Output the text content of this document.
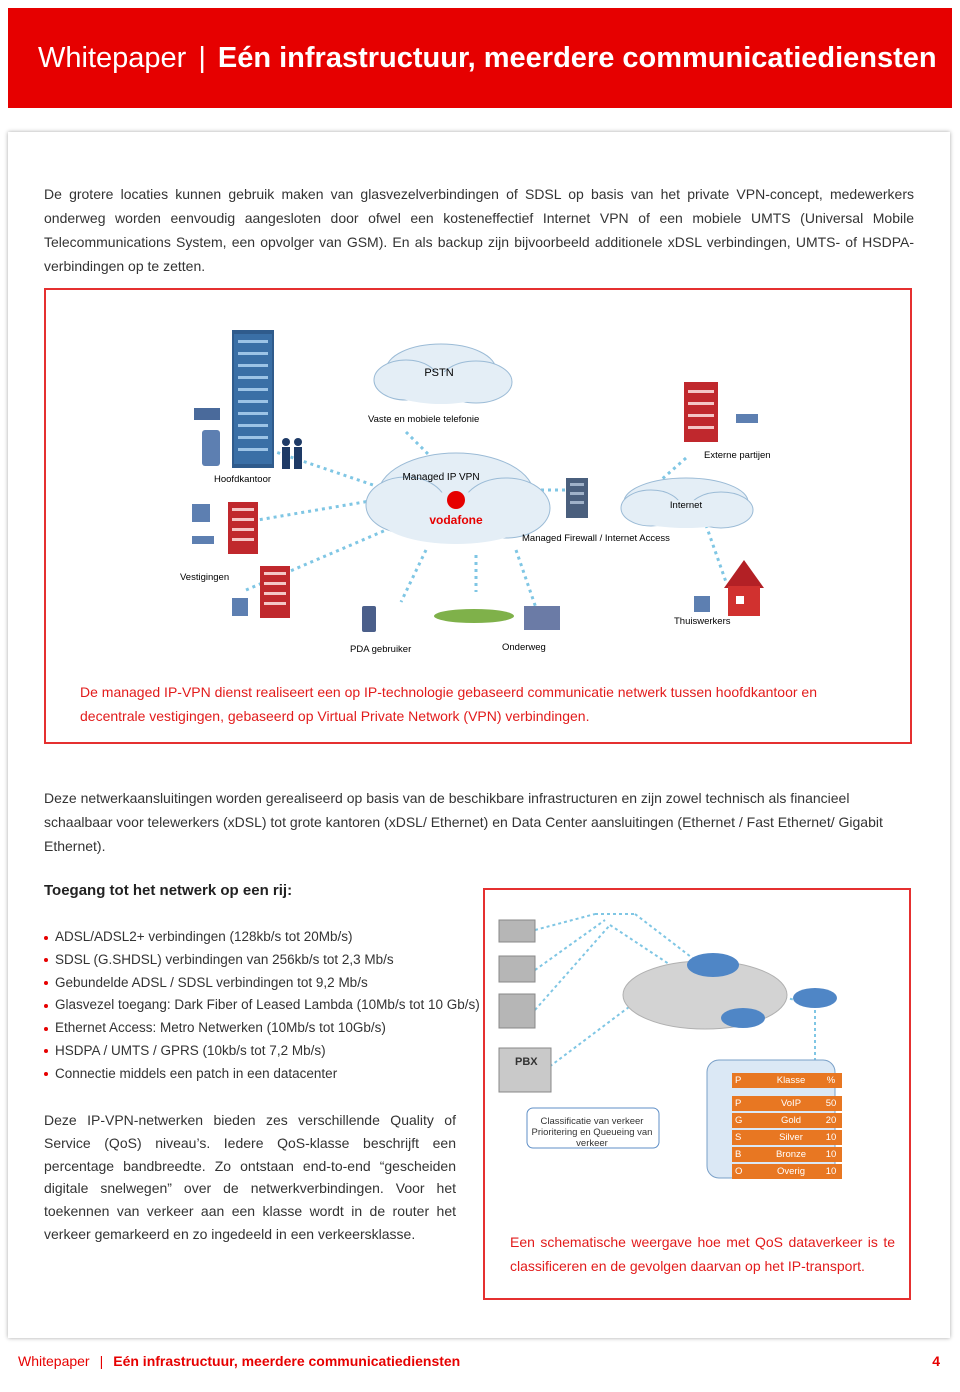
Whitepaper | Eén infrastructuur, meerdere communicatiediensten

De grotere locaties kunnen gebruik maken van glasvezelverbindingen of SDSL op basis van het private VPN-concept, medewerkers onderweg worden eenvoudig aangesloten door ofwel een kosteneffectief Internet VPN of een mobiele UMTS (Universal Mobile Telecommunications System, een opvolger van GSM). En als backup zijn bijvoorbeeld additionele xDSL verbindingen, UMTS- of HSDPA-verbindingen op te zetten.

PSTN
Vaste en mobiele telefonie
Managed IP VPN
vodafone
Internet
Managed Firewall / Internet Access
Hoofdkantoor
Vestigingen
Externe partijen
Thuiswerkers
PDA gebruiker	Onderweg

De managed IP-VPN dienst realiseert een op IP-technologie gebaseerd communicatie netwerk tussen hoofdkantoor en decentrale vestigingen, gebaseerd op Virtual Private Network (VPN) verbindingen.

Deze netwerkaansluitingen worden gerealiseerd op basis van de beschikbare infrastructuren en zijn zowel technisch als financieel schaalbaar voor telewerkers (xDSL) tot grote kantoren (xDSL/ Ethernet) en Data Center aansluitingen (Ethernet / Fast Ethernet/ Gigabit Ethernet).

Toegang tot het netwerk op een rij:
ADSL/ADSL2+ verbindingen (128kb/s tot 20Mb/s)
SDSL (G.SHDSL) verbindingen van 256kb/s tot 2,3 Mb/s
Gebundelde ADSL / SDSL verbindingen tot 9,2 Mb/s
Glasvezel toegang: Dark Fiber of Leased Lambda (10Mb/s tot 10 Gb/s)
Ethernet Access: Metro Netwerken (10Mb/s tot 10Gb/s)
HSDPA / UMTS / GPRS (10kb/s tot 7,2 Mb/s)
Connectie middels een patch in een datacenter

Deze IP-VPN-netwerken bieden zes verschillende Quality of Service (QoS) niveau’s. Iedere QoS-klasse beschrijft een percentage bandbreedte. Zo ontstaan end-to-end “gescheiden digitale snelwegen” over de netwerkverbindingen. Voor het toekennen van verkeer aan een klasse wordt in de router het verkeer gemarkeerd en zo ingedeeld in een verkeersklasse.

PBX
Classificatie van verkeer Prioritering en Queueing van verkeer
P	Klasse	%

P	VoIP	50
G	Gold	20
S	Silver	10
B	Bronze	10
O	Overig	10

Een schematische weergave hoe met QoS dataverkeer is te classificeren en de gevolgen daarvan op het IP-transport.

Whitepaper | Eén infrastructuur, meerdere communicatiediensten	4
